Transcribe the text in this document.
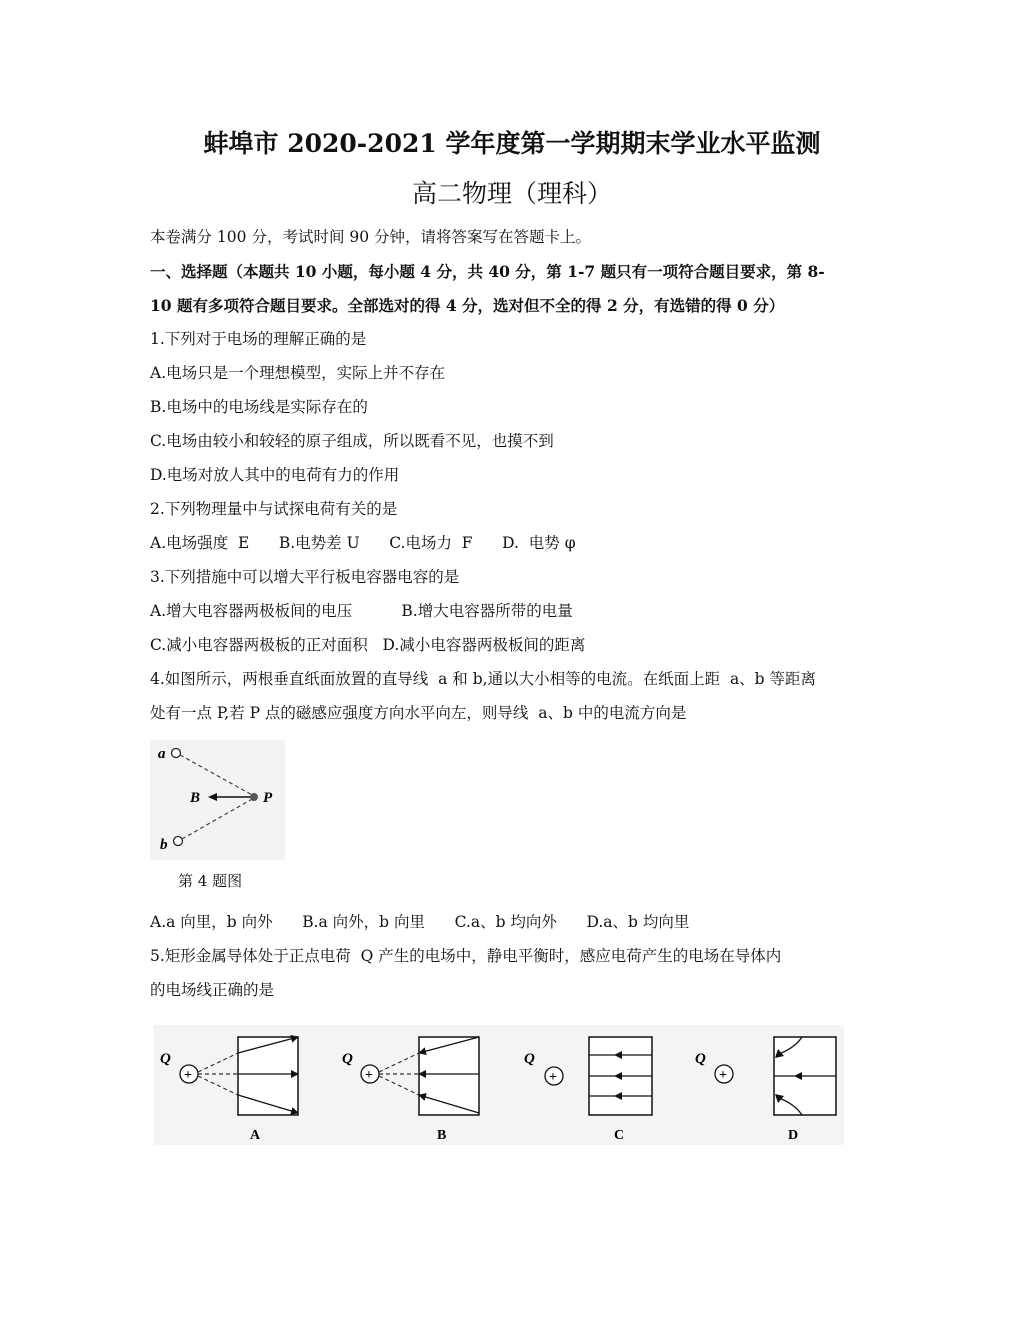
蚌埠市 2020-2021 学年度第一学期期末学业水平监测
高二物理（理科）
本卷满分 100 分，考试时间 90 分钟，请将答案写在答题卡上。
一、选择题（本题共 10 小题，每小题 4 分，共 40 分，第 1-7 题只有一项符合题目要求，第 8-
10 题有多项符合题目要求。全部选对的得 4 分，选对但不全的得 2 分，有选错的得 0 分）
1.下列对于电场的理解正确的是
A.电场只是一个理想模型，实际上并不存在
B.电场中的电场线是实际存在的
C.电场由较小和较轻的原子组成，所以既看不见，也摸不到
D.电场对放人其中的电荷有力的作用
2.下列物理量中与试探电荷有关的是
A.电场强度  E      B.电势差 U      C.电场力  F      D.  电势 φ
3.下列措施中可以增大平行板电容器电容的是
A.增大电容器两极板间的电压          B.增大电容器所带的电量
C.减小电容器两极板的正对面积   D.减小电容器两极板间的距离
4.如图所示，两根垂直纸面放置的直导线  a 和 b,通以大小相等的电流。在纸面上距  a、b 等距离
处有一点 P,若 P 点的磁感应强度方向水平向左，则导线  a、b 中的电流方向是
a
b
B	P
第 4 题图
A.a 向里，b 向外      B.a 向外，b 向里      C.a、b 均向外      D.a、b 均向里
5.矩形金属导体处于正点电荷  Q 产生的电场中，静电平衡时，感应电荷产生的电场在导体内
的电场线正确的是
Q
+
A
Q
+
B
Q
+
C
Q
+
D
